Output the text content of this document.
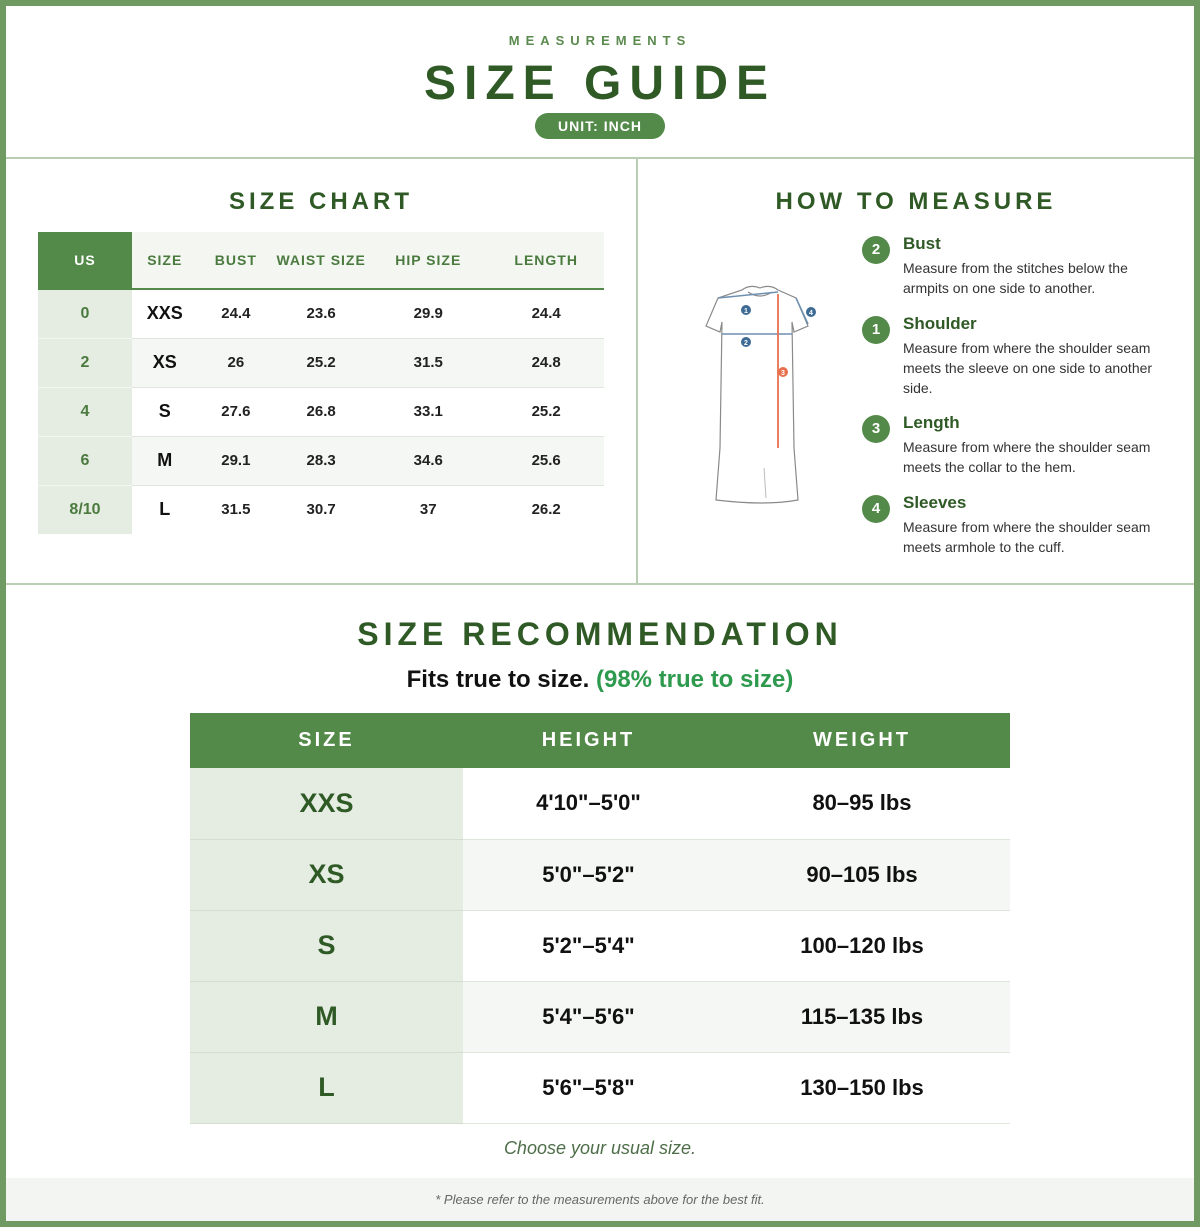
MEASUREMENTS
SIZE GUIDE
UNIT: INCH
SIZE CHART
US	SIZE	BUST	WAIST SIZE	HIP SIZE	LENGTH
0	XXS	24.4	23.6	29.9	24.4
2	XS	26	25.2	31.5	24.8
4	S	27.6	26.8	33.1	25.2
6	M	29.1	28.3	34.6	25.6
8/10	L	31.5	30.7	37	26.2
HOW TO MEASURE
1
2
3
4
2	Bust
Measure from the stitches below the armpits on one side to another.
1	Shoulder
Measure from where the shoulder seam meets the sleeve on one side to another side.
3	Length
Measure from where the shoulder seam meets the collar to the hem.
4	Sleeves
Measure from where the shoulder seam meets armhole to the cuff.
SIZE RECOMMENDATION
Fits true to size. (98% true to size)
SIZE	HEIGHT	WEIGHT
XXS	4'10"–5'0"	80–95 lbs
XS	5'0"–5'2"	90–105 lbs
S	5'2"–5'4"	100–120 lbs
M	5'4"–5'6"	115–135 lbs
L	5'6"–5'8"	130–150 lbs
Choose your usual size.
* Please refer to the measurements above for the best fit.
